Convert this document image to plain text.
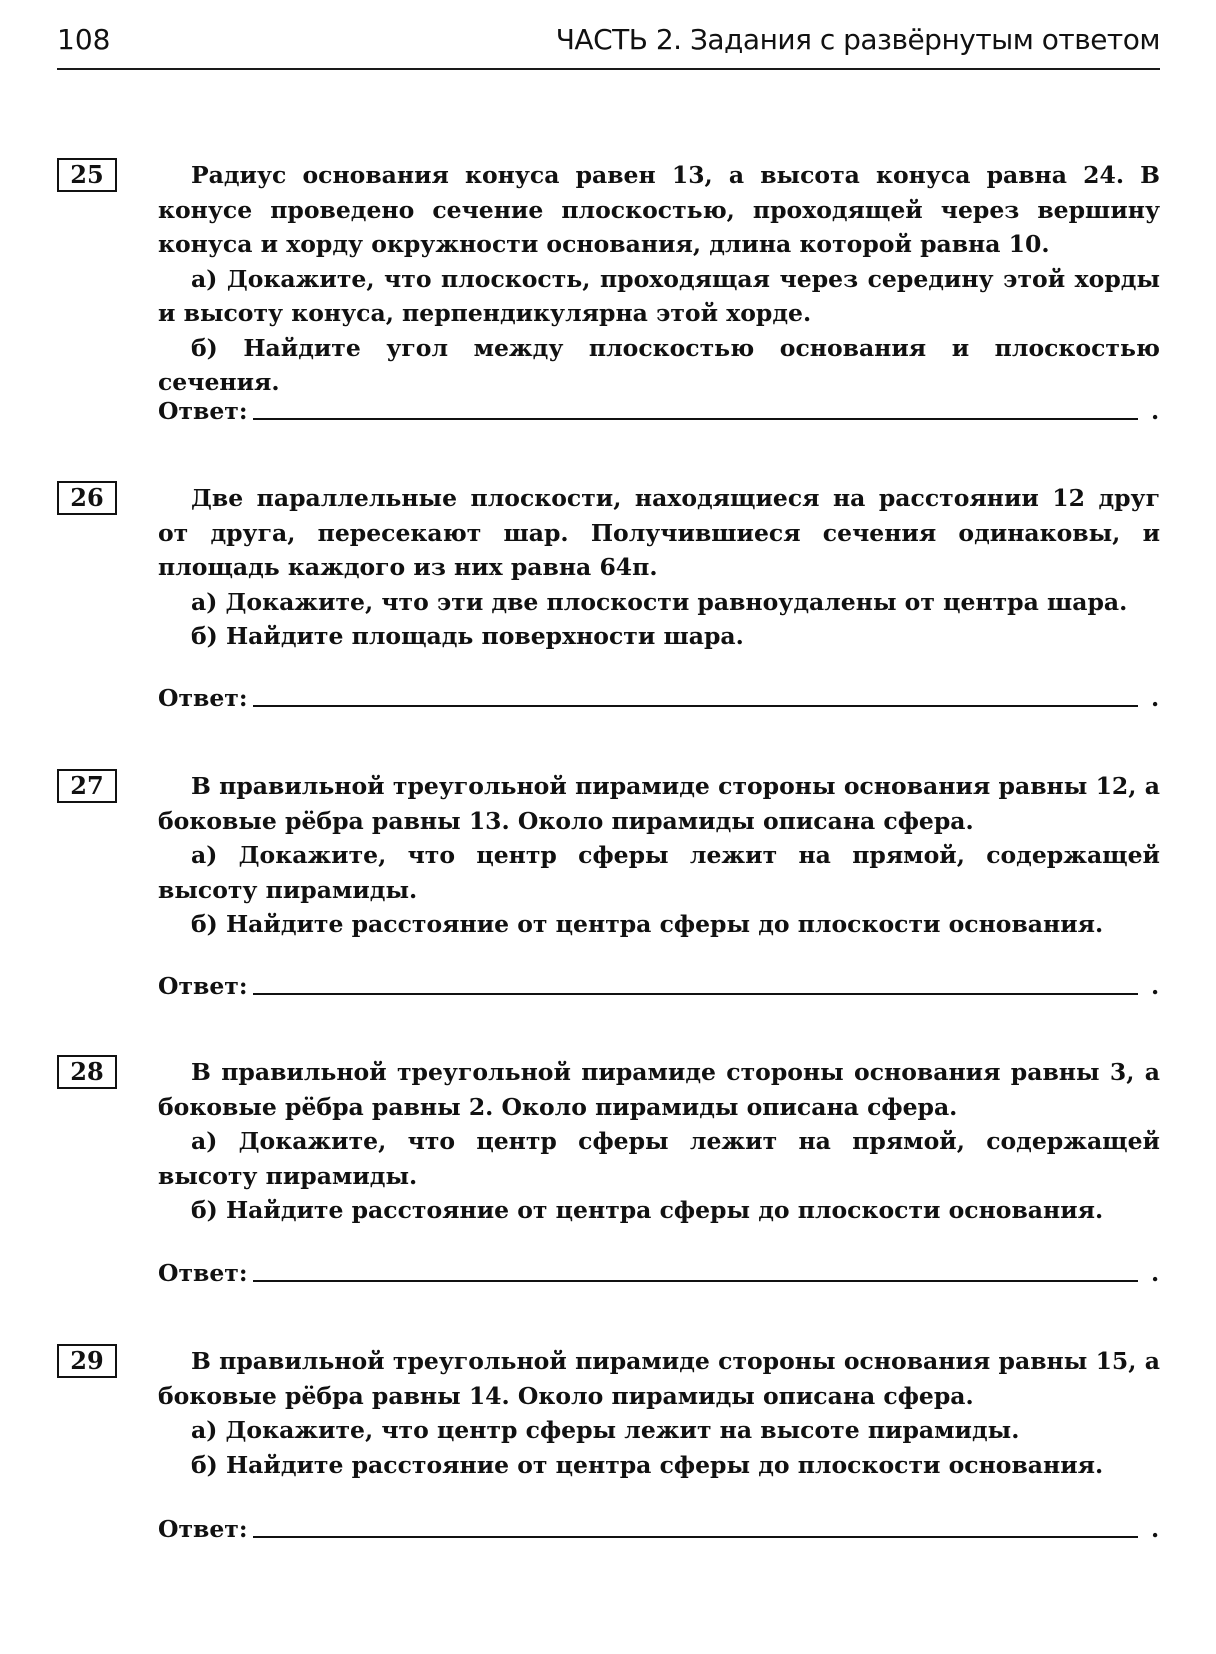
108	ЧАСТЬ 2. Задания с развёрнутым ответом
25	Радиус основания конуса равен 13, а высота конуса равна 24. В конусе проведено сечение плоскостью, проходящей через вершину конуса и хорду окружности основания, длина которой равна 10.

а) Докажите, что плоскость, проходящая через середину этой хорды и высоту конуса, перпендикулярна этой хорде.

б) Найдите угол между плоскостью основания и плоскостью сечения.

Ответ:	.
26	Две параллельные плоскости, находящиеся на расстоянии 12 друг от друга, пересекают шар. Получившиеся сечения одинаковы, и площадь каждого из них равна 64π.

а) Докажите, что эти две плоскости равноудалены от центра шара.

б) Найдите площадь поверхности шара.

Ответ:	.
27	В правильной треугольной пирамиде стороны основания равны 12, а боковые рёбра равны 13. Около пирамиды описана сфера.

а) Докажите, что центр сферы лежит на прямой, содержащей высоту пирамиды.

б) Найдите расстояние от центра сферы до плоскости основания.

Ответ:	.
28	В правильной треугольной пирамиде стороны основания равны 3, а боковые рёбра равны 2. Около пирамиды описана сфера.

а) Докажите, что центр сферы лежит на прямой, содержащей высоту пирамиды.

б) Найдите расстояние от центра сферы до плоскости основания.

Ответ:	.
29	В правильной треугольной пирамиде стороны основания равны 15, а боковые рёбра равны 14. Около пирамиды описана сфера.

а) Докажите, что центр сферы лежит на высоте пирамиды.

б) Найдите расстояние от центра сферы до плоскости основания.

Ответ:	.
